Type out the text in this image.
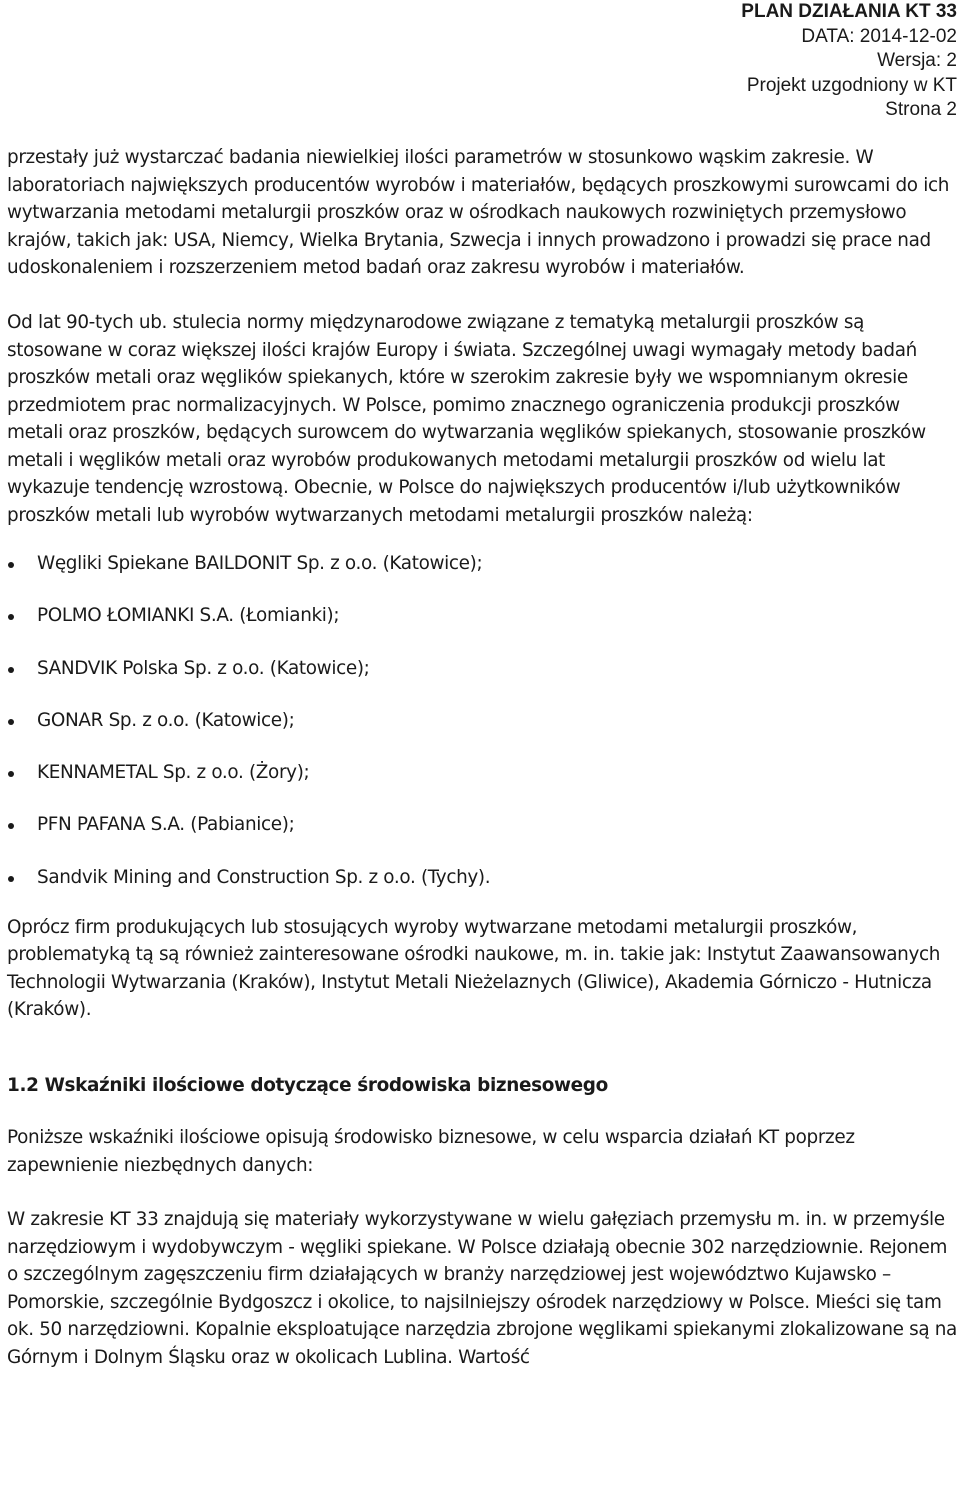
PLAN DZIAŁANIA KT 33
DATA: 2014-12-02
Wersja: 2
Projekt uzgodniony w KT
Strona 2

przestały już wystarczać badania niewielkiej ilości parametrów w stosunkowo wąskim zakresie. W laboratoriach największych producentów wyrobów i materiałów, będących proszkowymi surowcami do ich wytwarzania metodami metalurgii proszków oraz w ośrodkach naukowych rozwiniętych przemysłowo krajów, takich jak: USA, Niemcy, Wielka Brytania, Szwecja i innych prowadzono i prowadzi się prace nad udoskonaleniem i rozszerzeniem metod badań oraz zakresu wyrobów i materiałów.

Od lat 90-tych ub. stulecia normy międzynarodowe związane z tematyką metalurgii proszków są stosowane w coraz większej ilości krajów Europy i świata. Szczególnej uwagi wymagały metody badań proszków metali oraz węglików spiekanych, które w szerokim zakresie były we wspomnianym okresie przedmiotem prac normalizacyjnych. W Polsce, pomimo znacznego ograniczenia produkcji proszków metali oraz proszków, będących surowcem do wytwarzania węglików spiekanych, stosowanie proszków metali i węglików metali oraz wyrobów produkowanych metodami metalurgii proszków od wielu lat wykazuje tendencję wzrostową. Obecnie, w Polsce do największych producentów i/lub użytkowników proszków metali lub wyrobów wytwarzanych metodami metalurgii proszków należą:

Węgliki Spiekane BAILDONIT Sp. z o.o. (Katowice);
POLMO ŁOMIANKI S.A. (Łomianki);
SANDVIK Polska Sp. z o.o. (Katowice);
GONAR Sp. z o.o. (Katowice);
KENNAMETAL Sp. z o.o. (Żory);
PFN PAFANA S.A. (Pabianice);
Sandvik Mining and Construction Sp. z o.o. (Tychy).

Oprócz firm produkujących lub stosujących wyroby wytwarzane metodami metalurgii proszków, problematyką tą są również zainteresowane ośrodki naukowe, m. in. takie jak: Instytut Zaawansowanych Technologii Wytwarzania (Kraków), Instytut Metali Nieżelaznych (Gliwice), Akademia Górniczo - Hutnicza (Kraków).

1.2 Wskaźniki ilościowe dotyczące środowiska biznesowego

Poniższe wskaźniki ilościowe opisują środowisko biznesowe, w celu wsparcia działań KT poprzez zapewnienie niezbędnych danych:

W zakresie KT 33 znajdują się materiały wykorzystywane w wielu gałęziach przemysłu m. in. w przemyśle narzędziowym i wydobywczym - węgliki spiekane. W Polsce działają obecnie 302 narzędziownie. Rejonem o szczególnym zagęszczeniu firm działających w branży narzędziowej jest województwo Kujawsko – Pomorskie, szczególnie Bydgoszcz i okolice, to najsilniejszy ośrodek narzędziowy w Polsce. Mieści się tam ok. 50 narzędziowni. Kopalnie eksploatujące narzędzia zbrojone węglikami spiekanymi zlokalizowane są na Górnym i Dolnym Śląsku oraz w okolicach Lublina. Wartość
